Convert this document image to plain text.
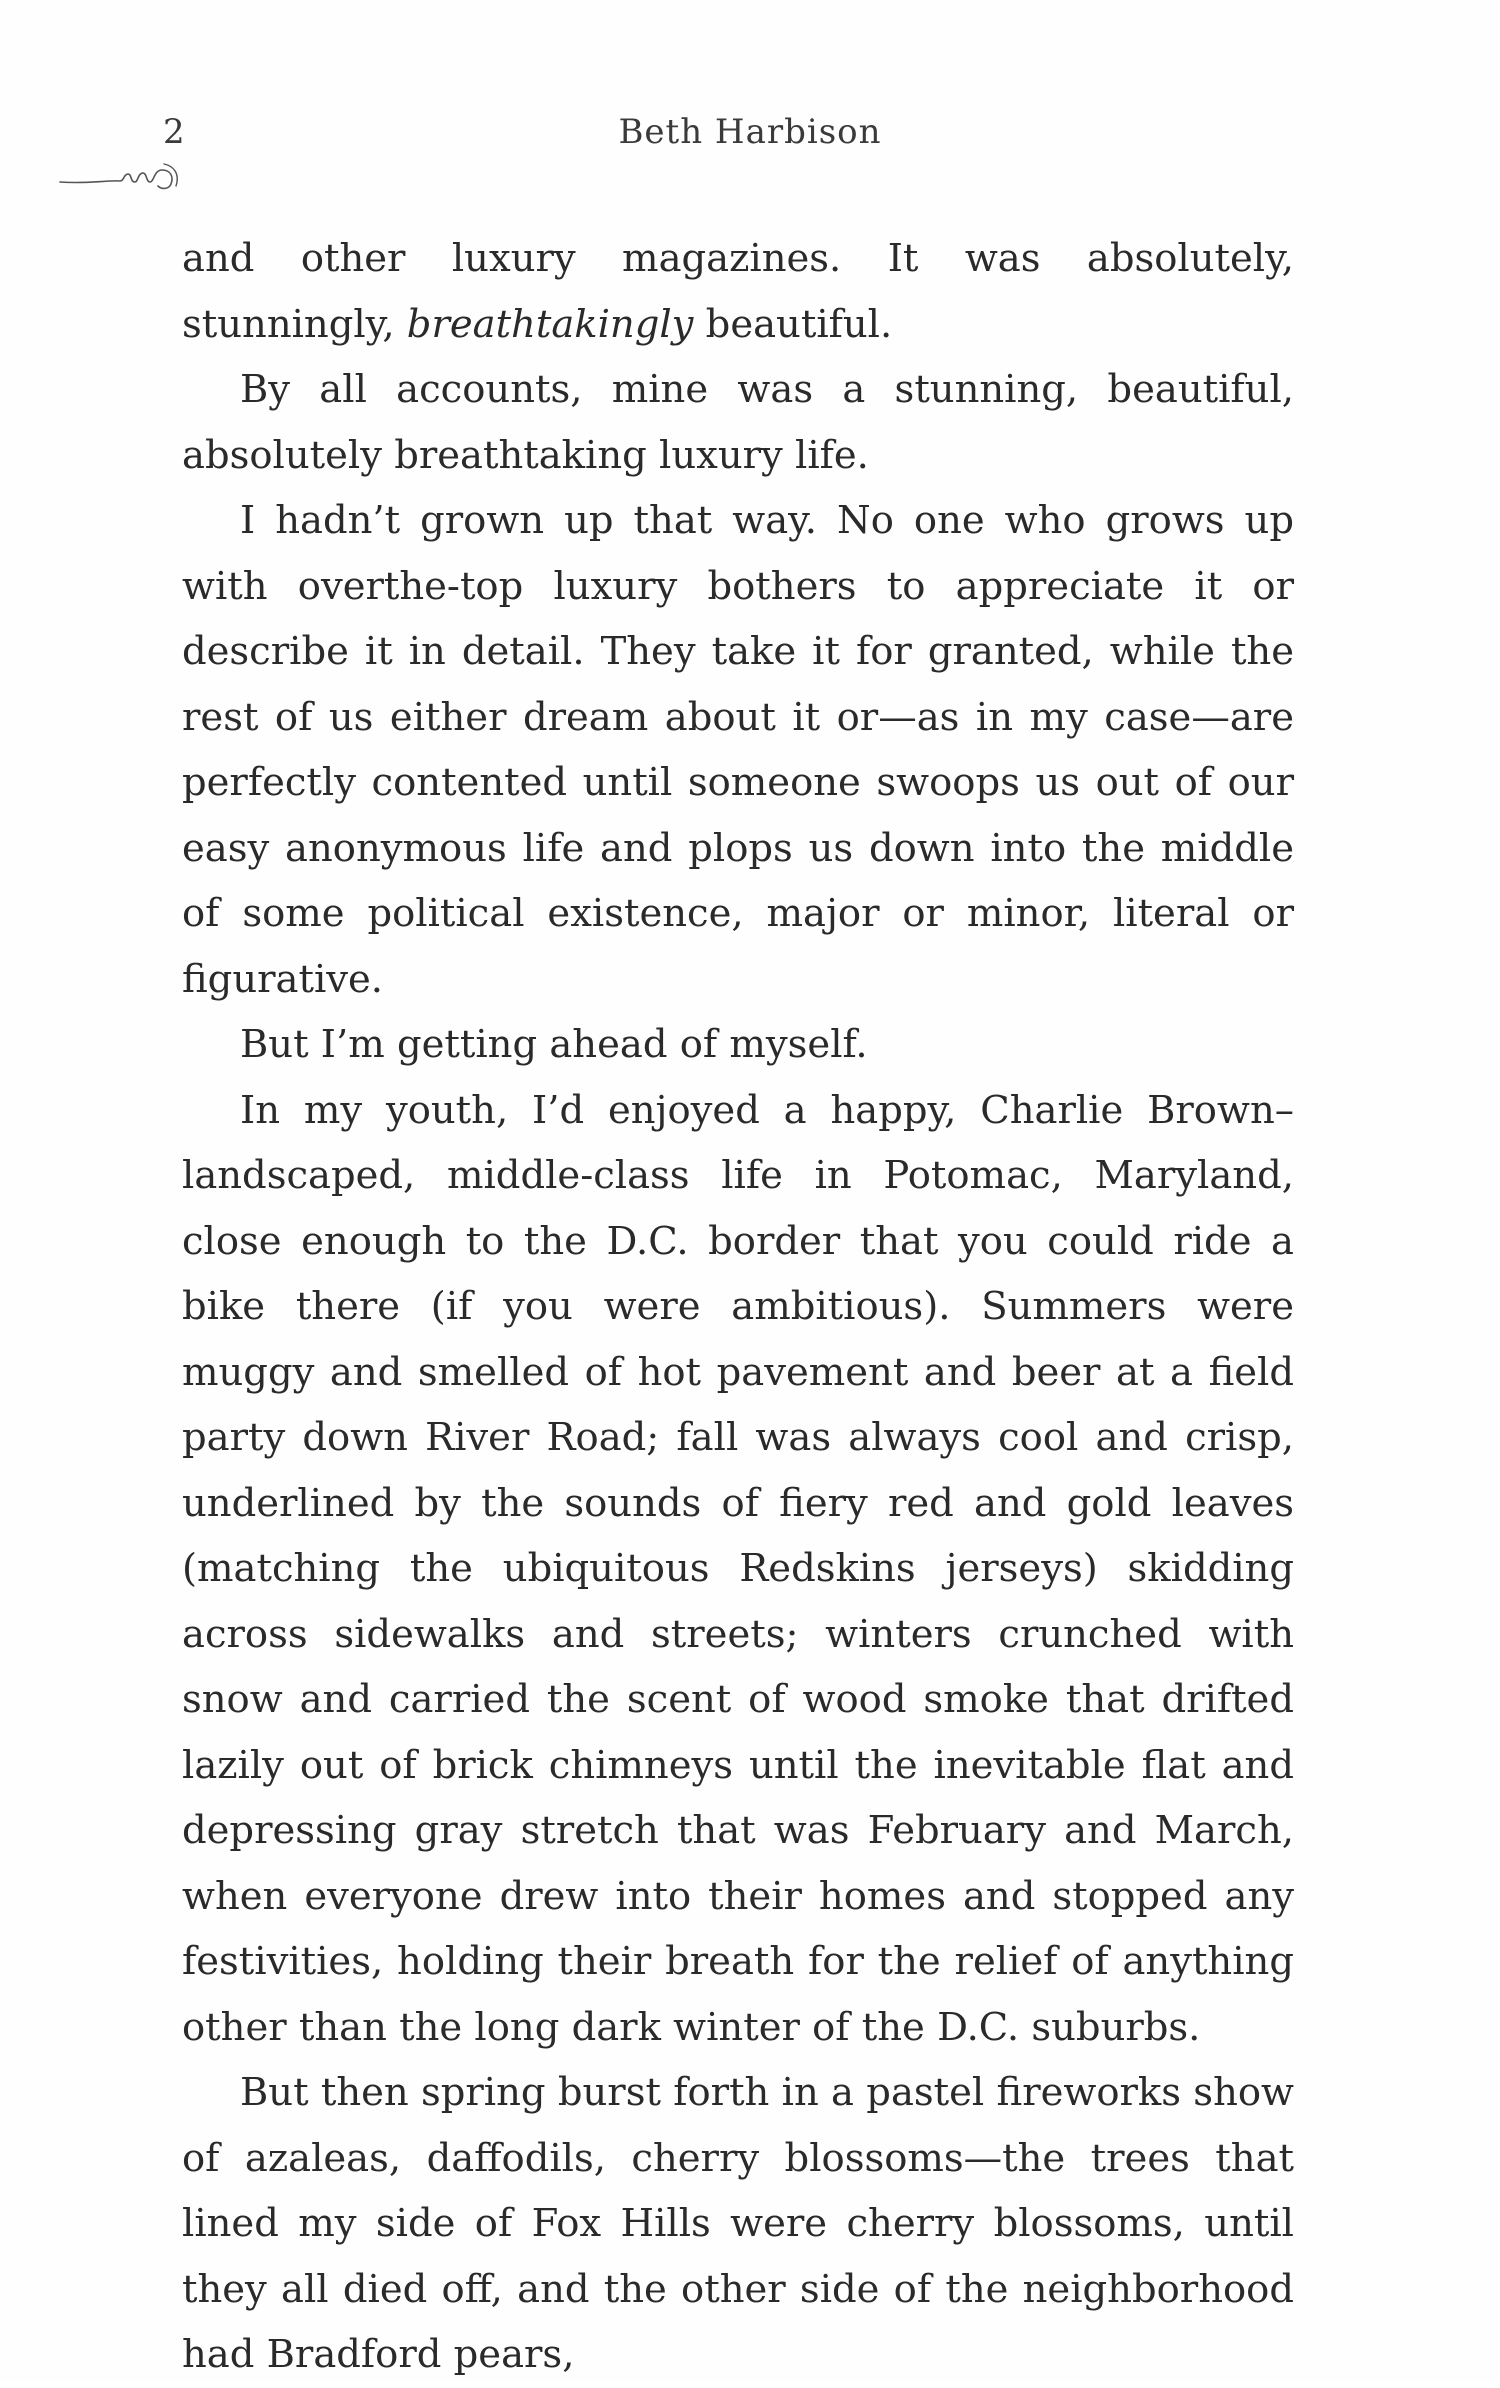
2	Beth Harbison

and other luxury magazines. It was absolutely, stunningly, breathtakingly beautiful.

By all accounts, mine was a stunning, beautiful, absolutely breathtaking luxury life.

I hadn’t grown up that way. No one who grows up with overthe-top luxury bothers to appreciate it or describe it in detail. They take it for granted, while the rest of us either dream about it or—as in my case—are perfectly contented until someone swoops us out of our easy anonymous life and plops us down into the middle of some political existence, major or minor, literal or figurative.

But I’m getting ahead of myself.

In my youth, I’d enjoyed a happy, Charlie Brown–landscaped, middle-class life in Potomac, Maryland, close enough to the D.C. border that you could ride a bike there (if you were ambitious). Summers were muggy and smelled of hot pavement and beer at a field party down River Road; fall was always cool and crisp, underlined by the sounds of fiery red and gold leaves (matching the ubiquitous Redskins jerseys) skidding across sidewalks and streets; winters crunched with snow and carried the scent of wood smoke that drifted lazily out of brick chimneys until the inevitable flat and depressing gray stretch that was February and March, when everyone drew into their homes and stopped any festivities, holding their breath for the relief of anything other than the long dark winter of the D.C. suburbs.

But then spring burst forth in a pastel fireworks show of azaleas, daffodils, cherry blossoms—the trees that lined my side of Fox Hills were cherry blossoms, until they all died off, and the other side of the neighborhood had Bradford pears,
